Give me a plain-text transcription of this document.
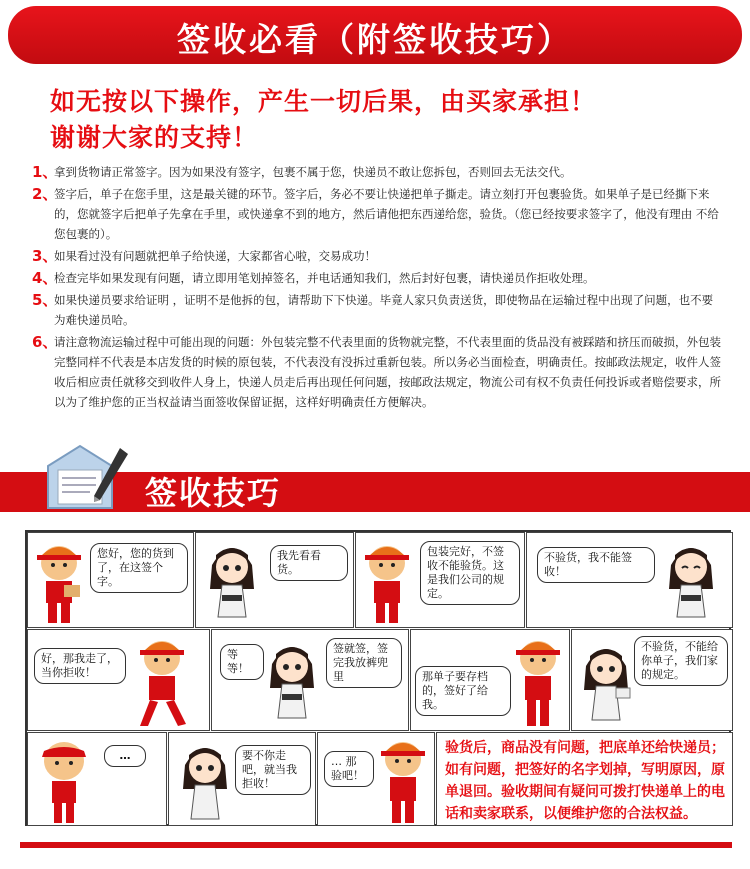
签收必看（附签收技巧）
如无按以下操作，产生一切后果，由买家承担！
谢谢大家的支持！
1、
拿到货物请正常签字。因为如果没有签字，包裹不属于您，快递员不敢让您拆包，否则回去无法交代。
2、
签字后，单子在您手里，这是最关键的环节。签字后，务必不要让快递把单子撕走。请立刻打开包裹验货。如果单子是已经撕下来的，您就签字后把单子先拿在手里，或快递拿不到的地方，然后请他把东西递给您，验货。（您已经按要求签字了，他没有理由 不给您包裹的）。
3、
如果看过没有问题就把单子给快递，大家都省心啦，交易成功！
4、
检查完毕如果发现有问题，请立即用笔划掉签名，并电话通知我们，然后封好包裹，请快递员作拒收处理。
5、
如果快递员要求给证明 ，证明不是他拆的包，请帮助下下快递。毕竟人家只负责送货，即使物品在运输过程中出现了问题，也不要为难快递员哈。
6、
请注意物流运输过程中可能出现的问题：外包装完整不代表里面的货物就完整，不代表里面的货品没有被踩踏和挤压而破损，外包装完整同样不代表是本店发货的时候的原包装，不代表没有没拆过重新包装。所以务必当面检查，明确责任。按邮政法规定，收件人签收后相应责任就移交到收件人身上，快递人员走后再出现任何问题，按邮政法规定，物流公司有权不负责任何投诉或者赔偿要求，所以为了维护您的正当权益请当面签收保留证据，这样好明确责任方便解决。
签收技巧
您好，您的货到了，在这签个字。
我先看看货。
包装完好，不签收不能验货。这是我们公司的规定。
不验货，我不能签收！
好，那我走了，当你拒收！
等等！
签就签，签完我放裤兜里	那单子要存档的，签好了给我。
不验货，不能给你单子，我们家的规定。
…	要不你走吧，就当我拒收！
… 那验吧！
验货后，商品没有问题，把底单还给快递员；如有问题，把签好的名字划掉，写明原因，原单退回。验收期间有疑问可拨打快递单上的电话和卖家联系，以便维护您的合法权益。
